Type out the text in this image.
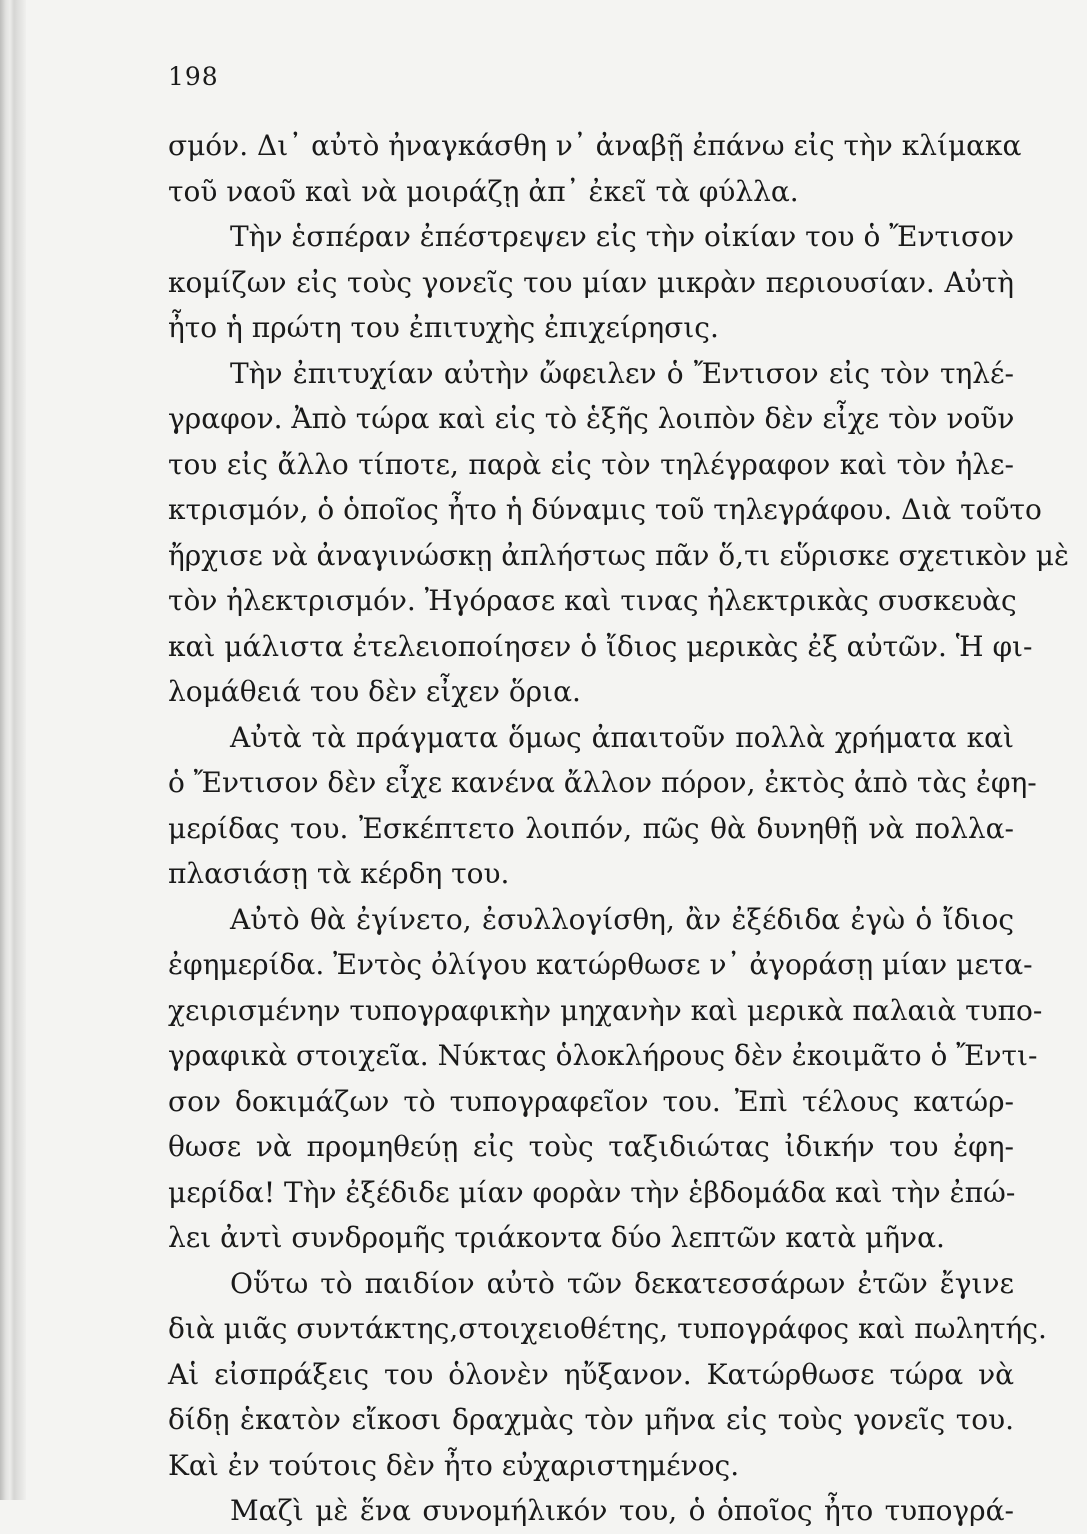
198
σμόν. Δι᾽ αὐτὸ ἠναγκάσθη ν᾽ ἀναβῇ ἐπάνω εἰς τὴν κλίμακα
τοῦ ναοῦ καὶ νὰ μοιράζῃ ἀπ᾽ ἐκεῖ τὰ φύλλα.
Τὴν ἑσπέραν ἐπέστρεψεν εἰς τὴν οἰκίαν του ὁ Ἔντισον
κομίζων εἰς τοὺς γονεῖς του μίαν μικρὰν περιουσίαν. Αὐτὴ
ἦτο ἡ πρώτη του ἐπιτυχὴς ἐπιχείρησις.
Τὴν ἐπιτυχίαν αὐτὴν ὤφειλεν ὁ Ἔντισον εἰς τὸν τηλέ-
γραφον. Ἀπὸ τώρα καὶ εἰς τὸ ἑξῆς λοιπὸν δὲν εἶχε τὸν νοῦν
του εἰς ἄλλο τίποτε, παρὰ εἰς τὸν τηλέγραφον καὶ τὸν ἠλε-
κτρισμόν, ὁ ὁποῖος ἦτο ἡ δύναμις τοῦ τηλεγράφου. Διὰ τοῦτο
ἤρχισε νὰ ἀναγινώσκῃ ἀπλήστως πᾶν ὅ,τι εὕρισκε σχετικὸν μὲ
τὸν ἠλεκτρισμόν. Ἠγόρασε καὶ τινας ἠλεκτρικὰς συσκευὰς
καὶ μάλιστα ἐτελειοποίησεν ὁ ἴδιος μερικὰς ἐξ αὐτῶν. Ἡ φι-
λομάθειά του δὲν εἶχεν ὅρια.
Αὐτὰ τὰ πράγματα ὅμως ἀπαιτοῦν πολλὰ χρήματα καὶ
ὁ Ἔντισον δὲν εἶχε κανένα ἄλλον πόρον, ἐκτὸς ἀπὸ τὰς ἐφη-
μερίδας του. Ἐσκέπτετο λοιπόν, πῶς θὰ δυνηθῇ νὰ πολλα-
πλασιάσῃ τὰ κέρδη του.
Αὐτὸ θὰ ἐγίνετο, ἐσυλλογίσθη, ἂν ἐξέδιδα ἐγὼ ὁ ἴδιος
ἐφημερίδα. Ἐντὸς ὀλίγου κατώρθωσε ν᾽ ἀγοράσῃ μίαν μετα-
χειρισμένην τυπογραφικὴν μηχανὴν καὶ μερικὰ παλαιὰ τυπο-
γραφικὰ στοιχεῖα. Νύκτας ὁλοκλήρους δὲν ἐκοιμᾶτο ὁ Ἔντι-
σον δοκιμάζων τὸ τυπογραφεῖον του. Ἐπὶ τέλους κατώρ-
θωσε νὰ προμηθεύῃ εἰς τοὺς ταξιδιώτας ἰδικήν του ἐφη-
μερίδα! Τὴν ἐξέδιδε μίαν φορὰν τὴν ἑβδομάδα καὶ τὴν ἐπώ-
λει ἀντὶ συνδρομῆς τριάκοντα δύο λεπτῶν κατὰ μῆνα.
Οὕτω τὸ παιδίον αὐτὸ τῶν δεκατεσσάρων ἐτῶν ἔγινε
διὰ μιᾶς συντάκτης,στοιχειοθέτης, τυπογράφος καὶ πωλητής.
Αἱ εἰσπράξεις του ὁλονὲν ηὔξανον. Κατώρθωσε τώρα νὰ
δίδῃ ἑκατὸν εἴκοσι δραχμὰς τὸν μῆνα εἰς τοὺς γονεῖς του.
Καὶ ἐν τούτοις δὲν ἦτο εὐχαριστημένος.
Μαζὶ μὲ ἕνα συνομήλικόν του, ὁ ὁποῖος ἦτο τυπογρά-
